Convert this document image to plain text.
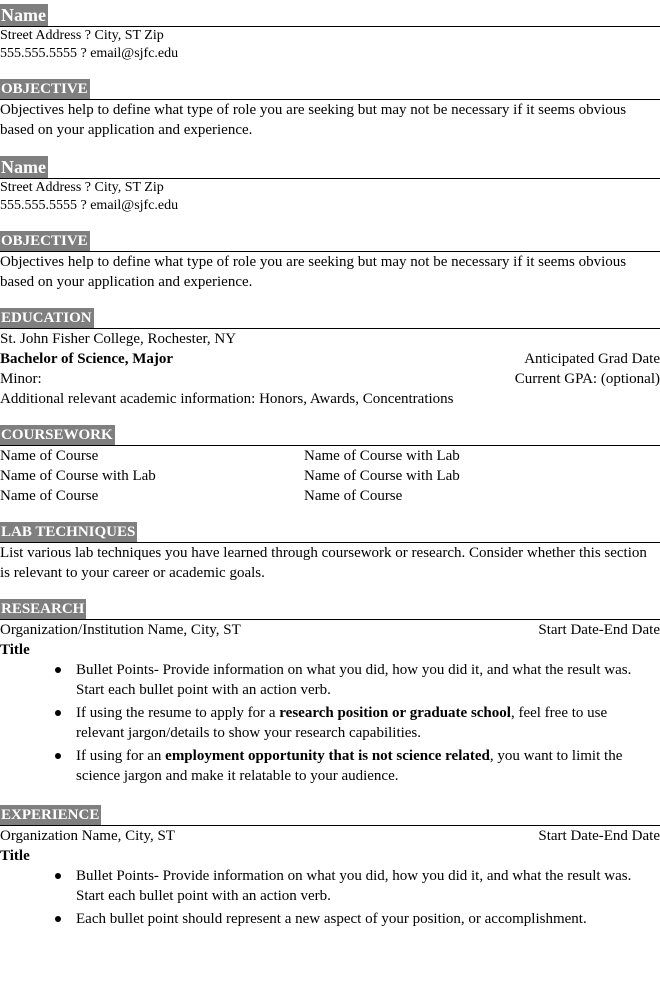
Name
Street Address ? City, ST Zip
555.555.5555 ? email@sjfc.edu
OBJECTIVE
Objectives help to define what type of role you are seeking but may not be necessary if it seems obvious based on your application and experience.
Name
Street Address ? City, ST Zip
555.555.5555 ? email@sjfc.edu
OBJECTIVE
Objectives help to define what type of role you are seeking but may not be necessary if it seems obvious based on your application and experience.
EDUCATION
St. John Fisher College, Rochester, NY
Bachelor of Science, Major	Anticipated Grad Date
Minor:	Current GPA: (optional)
Additional relevant academic information: Honors, Awards, Concentrations
COURSEWORK
Name of Course	Name of Course with Lab
Name of Course with Lab	Name of Course with Lab
Name of Course	Name of Course
LAB TECHNIQUES
List various lab techniques you have learned through coursework or research. Consider whether this section is relevant to your career or academic goals.
RESEARCH
Organization/Institution Name, City, ST	Start Date-End Date
Title
Bullet Points- Provide information on what you did, how you did it, and what the result was. Start each bullet point with an action verb.
If using the resume to apply for a research position or graduate school, feel free to use relevant jargon/details to show your research capabilities.
If using for an employment opportunity that is not science related, you want to limit the science jargon and make it relatable to your audience.
EXPERIENCE
Organization Name, City, ST	Start Date-End Date
Title
Bullet Points- Provide information on what you did, how you did it, and what the result was. Start each bullet point with an action verb.
Each bullet point should represent a new aspect of your position, or accomplishment.
